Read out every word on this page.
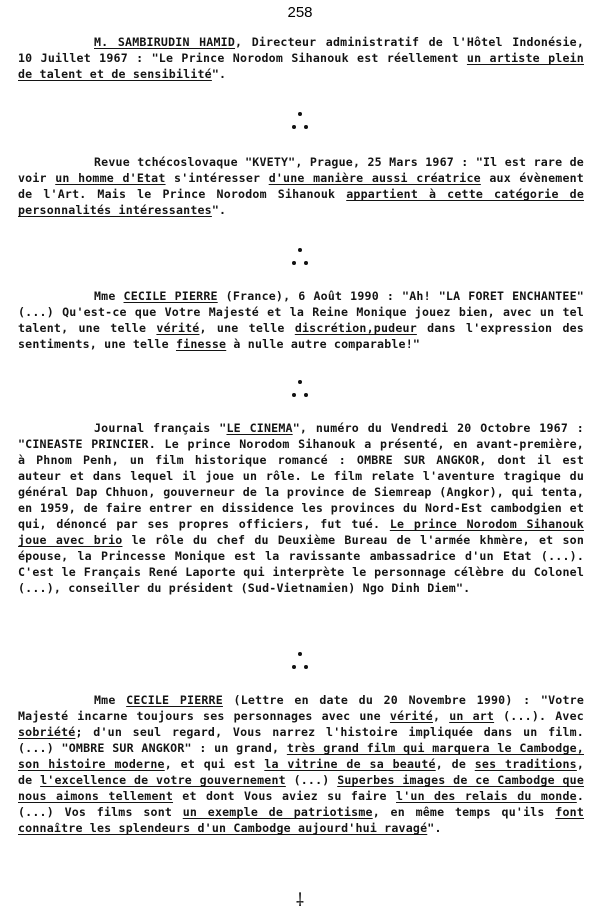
258
M. SAMBIRUDIN HAMID, Directeur administratif de l'Hôtel Indonésie, 10 Juillet 1967 : "Le Prince Norodom Sihanouk est réellement un artiste plein de talent et de sensibilité".
Revue tchécoslovaque "KVETY", Prague, 25 Mars 1967 : "Il est rare de voir un homme d'Etat s'intéresser d'une manière aussi créatrice aux évènement de l'Art. Mais le Prince Norodom Sihanouk appartient à cette catégorie de personnalités intéressantes".
Mme CECILE PIERRE (France), 6 Août 1990 : "Ah! "LA FORET ENCHANTEE" (...) Qu'est-ce que Votre Majesté et la Reine Monique jouez bien, avec un tel talent, une telle vérité, une telle discrétion,pudeur dans l'expression des sentiments, une telle finesse à nulle autre comparable!"
Journal français "LE CINEMA", numéro du Vendredi 20 Octobre 1967 : "CINEASTE PRINCIER. Le prince Norodom Sihanouk a présenté, en avant-première, à Phnom Penh, un film historique romancé : OMBRE SUR ANGKOR, dont il est auteur et dans lequel il joue un rôle. Le film relate l'aventure tragique du général Dap Chhuon, gouverneur de la province de Siemreap (Angkor), qui tenta, en 1959, de faire entrer en dissidence les provinces du Nord-Est cambodgien et qui, dénoncé par ses propres officiers, fut tué. Le prince Norodom Sihanouk joue avec brio le rôle du chef du Deuxième Bureau de l'armée khmère, et son épouse, la Princesse Monique est la ravissante ambassadrice d'un Etat (...). C'est le Français René Laporte qui interprète le personnage célèbre du Colonel (...), conseiller du président (Sud-Vietnamien) Ngo Dinh Diem".
Mme CECILE PIERRE (Lettre en date du 20 Novembre 1990) : "Votre Majesté incarne toujours ses personnages avec une vérité, un art (...). Avec sobriété; d'un seul regard, Vous narrez l'histoire impliquée dans un film. (...) "OMBRE SUR ANGKOR" : un grand, très grand film qui marquera le Cambodge, son histoire moderne, et qui est la vitrine de sa beauté, de ses traditions, de l'excellence de votre gouvernement (...) Superbes images de ce Cambodge que nous aimons tellement et dont Vous aviez su faire l'un des relais du monde. (...) Vos films sont un exemple de patriotisme, en même temps qu'ils font connaître les splendeurs d'un Cambodge aujourd'hui ravagé".
⸸
